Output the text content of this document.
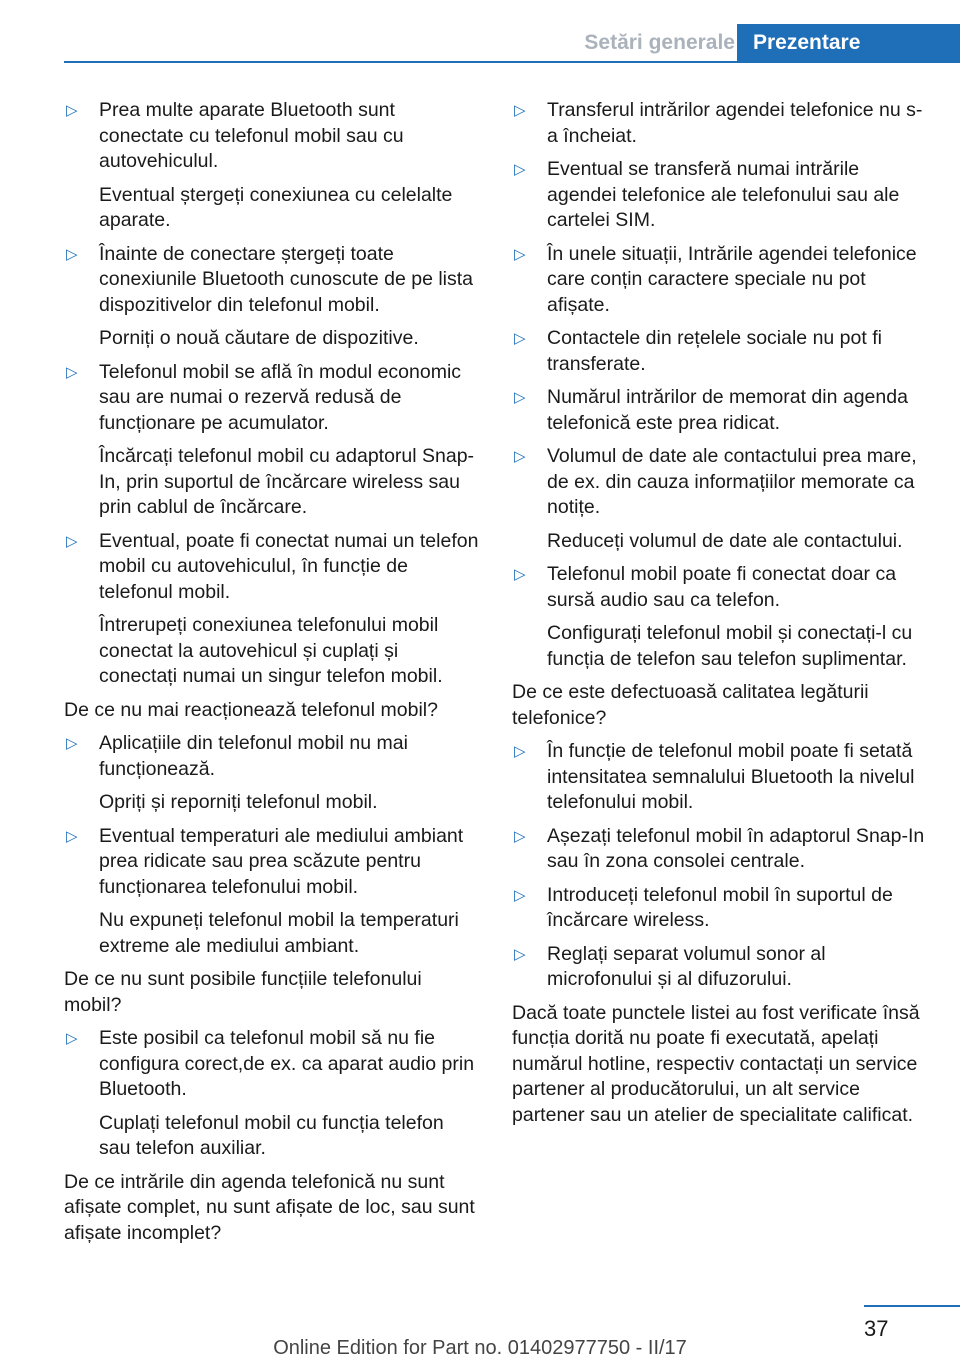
Setări generale Prezentare
▷ Prea multe aparate Bluetooth sunt conectate cu telefonul mobil sau cu autovehiculul.

Eventual ștergeți conexiunea cu celelalte aparate.

▷ Înainte de conectare ștergeți toate conexiunile Bluetooth cunoscute de pe lista dispozitivelor din telefonul mobil.

Porniți o nouă căutare de dispozitive.

▷ Telefonul mobil se află în modul economic sau are numai o rezervă redusă de funcționare pe acumulator.

Încărcați telefonul mobil cu adaptorul Snap-In, prin suportul de încărcare wireless sau prin cablul de încărcare.

▷ Eventual, poate fi conectat numai un telefon mobil cu autovehiculul, în funcție de telefonul mobil.

Întrerupeți conexiunea telefonului mobil conectat la autovehicul și cuplați și conectați numai un singur telefon mobil.

De ce nu mai reacționează telefonul mobil?
▷ Aplicațiile din telefonul mobil nu mai funcționează.

Opriți și reporniți telefonul mobil.

▷ Eventual temperaturi ale mediului ambiant prea ridicate sau prea scăzute pentru funcționarea telefonului mobil.

Nu expuneți telefonul mobil la temperaturi extreme ale mediului ambiant.

De ce nu sunt posibile funcțiile telefonului mobil?
▷ Este posibil ca telefonul mobil să nu fie configura corect,de ex. ca aparat audio prin Bluetooth.

Cuplați telefonul mobil cu funcția telefon sau telefon auxiliar.

De ce intrările din agenda telefonică nu sunt afișate complet, nu sunt afișate de loc, sau sunt afișate incomplet?
▷ Transferul intrărilor agendei telefonice nu s-a încheiat.

▷ Eventual se transferă numai intrările agendei telefonice ale telefonului sau ale cartelei SIM.

▷ În unele situații, Intrările agendei telefonice care conțin caractere speciale nu pot afișate.

▷ Contactele din rețelele sociale nu pot fi transferate.

▷ Numărul intrărilor de memorat din agenda telefonică este prea ridicat.

▷ Volumul de date ale contactului prea mare, de ex. din cauza informațiilor memorate ca notițe.

Reduceți volumul de date ale contactului.

▷ Telefonul mobil poate fi conectat doar ca sursă audio sau ca telefon.

Configurați telefonul mobil și conectați-l cu funcția de telefon sau telefon suplimentar.

De ce este defectuoasă calitatea legăturii telefonice?
▷ În funcție de telefonul mobil poate fi setată intensitatea semnalului Bluetooth la nivelul telefonului mobil.

▷ Așezați telefonul mobil în adaptorul Snap-In sau în zona consolei centrale.

▷ Introduceți telefonul mobil în suportul de încărcare wireless.

▷ Reglați separat volumul sonor al microfonului și al difuzorului.

Dacă toate punctele listei au fost verificate însă funcția dorită nu poate fi executată, apelați numărul hotline, respectiv contactați un service partener al producătorului, un alt service partener sau un atelier de specialitate calificat.
37
Online Edition for Part no. 01402977750 - II/17
